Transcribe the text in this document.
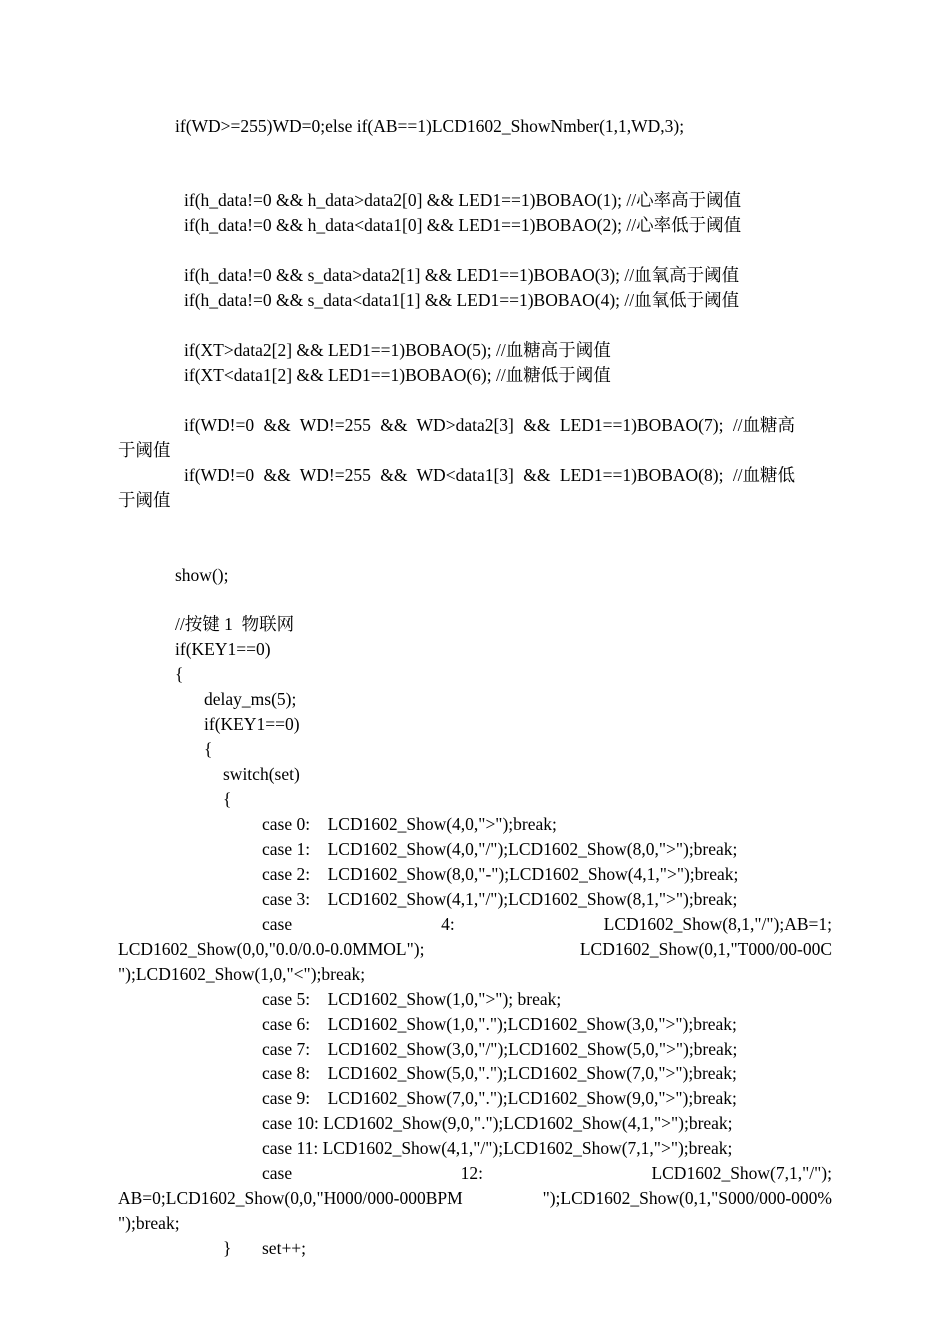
if(WD>=255)WD=0;else if(AB==1)LCD1602_ShowNmber(1,1,WD,3);
if(h_data!=0 && h_data>data2[0] && LED1==1)BOBAO(1); //心率高于阈值
if(h_data!=0 && h_data<data1[0] && LED1==1)BOBAO(2); //心率低于阈值
if(h_data!=0 && s_data>data2[1] && LED1==1)BOBAO(3); //血氧高于阈值
if(h_data!=0 && s_data<data1[1] && LED1==1)BOBAO(4); //血氧低于阈值
if(XT>data2[2] && LED1==1)BOBAO(5); //血糖高于阈值
if(XT<data1[2] && LED1==1)BOBAO(6); //血糖低于阈值
if(WD!=0 && WD!=255 && WD>data2[3] && LED1==1)BOBAO(7); //血糖高
于阈值
if(WD!=0 && WD!=255 && WD<data1[3] && LED1==1)BOBAO(8); //血糖低
于阈值
show();
//按键 1  物联网
if(KEY1==0)
{
delay_ms(5);
if(KEY1==0)
{
switch(set)
{
case 0:    LCD1602_Show(4,0,">");break;
case 1:    LCD1602_Show(4,0,"/");LCD1602_Show(8,0,">");break;
case 2:    LCD1602_Show(8,0,"-");LCD1602_Show(4,1,">");break;
case 3:    LCD1602_Show(4,1,"/");LCD1602_Show(8,1,">");break;
case	4:	LCD1602_Show(8,1,"/");AB=1;
LCD1602_Show(0,0,"0.0/0.0-0.0MMOL");	LCD1602_Show(0,1,"T000/00-00C
");LCD1602_Show(1,0,"<");break;
case 5:    LCD1602_Show(1,0,">"); break;
case 6:    LCD1602_Show(1,0,".");LCD1602_Show(3,0,">");break;
case 7:    LCD1602_Show(3,0,"/");LCD1602_Show(5,0,">");break;
case 8:    LCD1602_Show(5,0,".");LCD1602_Show(7,0,">");break;
case 9:    LCD1602_Show(7,0,".");LCD1602_Show(9,0,">");break;
case 10: LCD1602_Show(9,0,".");LCD1602_Show(4,1,">");break;
case 11: LCD1602_Show(4,1,"/");LCD1602_Show(7,1,">");break;
case	12:	LCD1602_Show(7,1,"/");
AB=0;LCD1602_Show(0,0,"H000/000-000BPM	");LCD1602_Show(0,1,"S000/000-000%
");break;
} set++;
